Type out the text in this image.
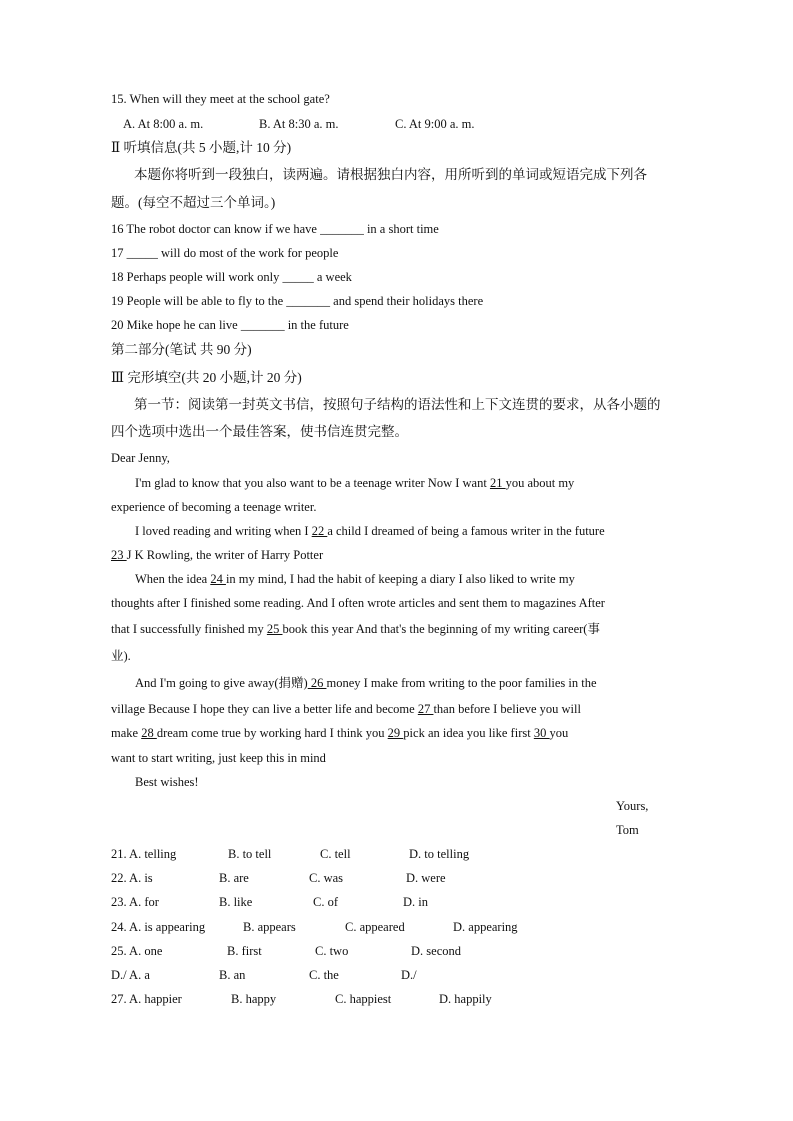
15. When will they meet at the school gate?
A. At 8:00 a. m.	B. At 8:30 a. m.	C. At 9:00 a. m.
Ⅱ 听填信息(共 5 小题,计 10 分)
本题你将听到一段独白，读两遍。请根据独白内容，用所听到的单词或短语完成下列各
题。(每空不超过三个单词。)
16 The robot doctor can know if we have _______ in a short time
17 _____ will do most of the work for people
18 Perhaps people will work only _____ a week
19 People will be able to fly to the _______ and spend their holidays there
20 Mike hope he can live _______ in the future
第二部分(笔试 共 90 分)
Ⅲ 完形填空(共 20 小题,计 20 分)
第一节：阅读第一封英文书信，按照句子结构的语法性和上下文连贯的要求，从各小题的
四个选项中选出一个最佳答案，使书信连贯完整。
Dear Jenny,
I'm glad to know that you also want to be a teenage writer Now I want 21 you about my
experience of becoming a teenage writer.
I loved reading and writing when I 22 a child I dreamed of being a famous writer in the future
23 J K Rowling, the writer of Harry Potter
When the idea 24 in my mind, I had the habit of keeping a diary I also liked to write my
thoughts after I finished some reading. And I often wrote articles and sent them to magazines After
that I successfully finished my 25 book this year And that's the beginning of my writing career(事
业).
And I'm going to give away(捐赠) 26 money I make from writing to the poor families in the
village Because I hope they can live a better life and become 27 than before I believe you will
make 28 dream come true by working hard I think you 29 pick an idea you like first 30 you
want to start writing, just keep this in mind
Best wishes!
Yours,
Tom
21. A. telling	B. to tell	C. tell	D. to telling
22. A. is	B. are	C. was	D. were
23. A. for	B. like	C. of	D. in
24. A. is appearing	B. appears	C. appeared	D. appearing
25. A. one	B. first	C. two	D. second
D./ A. a	B. an	C. the	D./
27. A. happier	B. happy	C. happiest	D. happily
